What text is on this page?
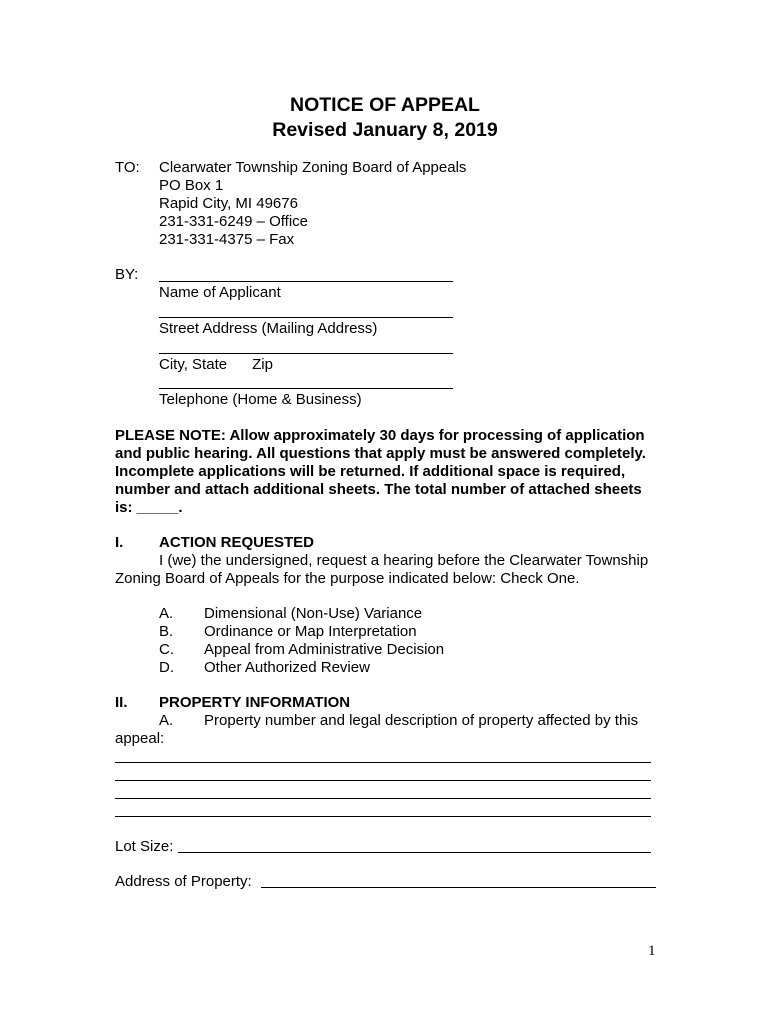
NOTICE OF APPEAL
Revised January 8, 2019
TO: Clearwater Township Zoning Board of Appeals
PO Box 1
Rapid City, MI 49676
231-331-6249 – Office
231-331-4375 – Fax
BY:
Name of Applicant
Street Address (Mailing Address)
City, State      Zip
Telephone (Home & Business)
PLEASE NOTE: Allow approximately 30 days for processing of application
and public hearing. All questions that apply must be answered completely.
Incomplete applications will be returned. If additional space is required,
number and attach additional sheets. The total number of attached sheets
is: _____.
I. ACTION REQUESTED
I (we) the undersigned, request a hearing before the Clearwater Township
Zoning Board of Appeals for the purpose indicated below: Check One.
A. Dimensional (Non-Use) Variance
B. Ordinance or Map Interpretation
C. Appeal from Administrative Decision
D. Other Authorized Review
II. PROPERTY INFORMATION
A. Property number and legal description of property affected by this
appeal:
Lot Size:
Address of Property:
1
